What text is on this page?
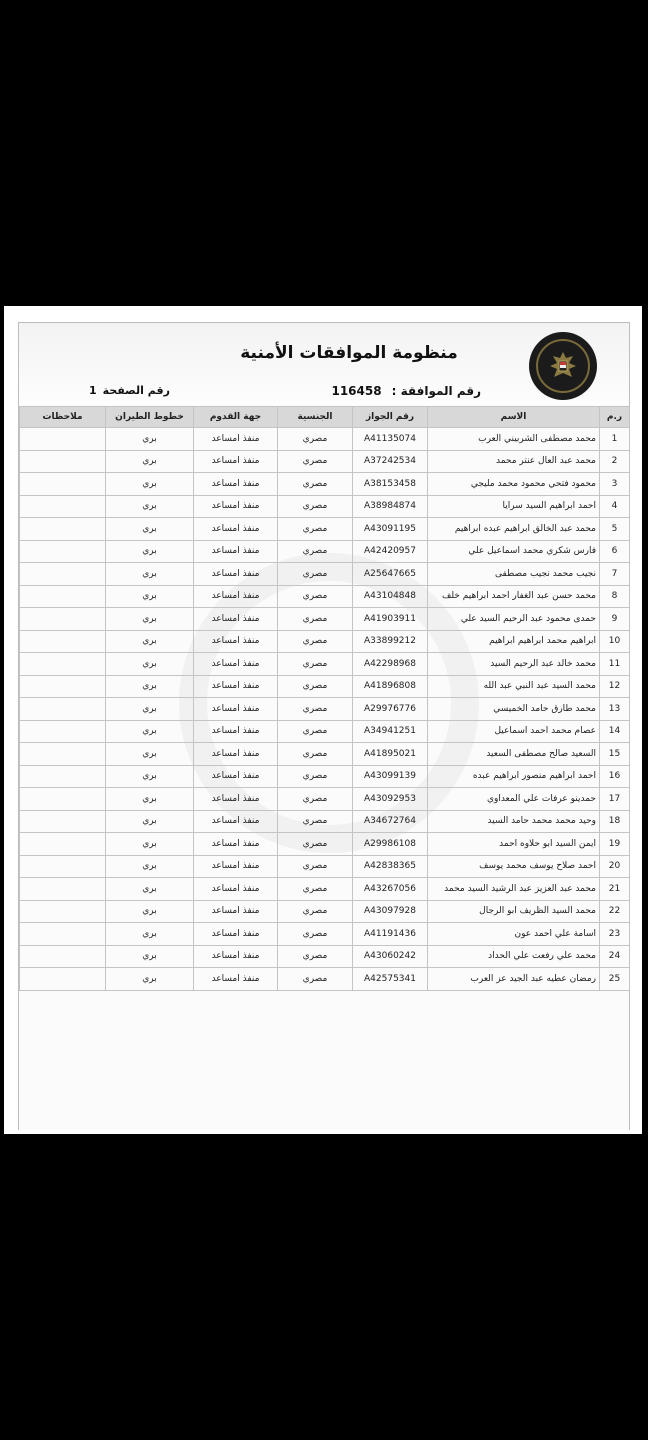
منظومة الموافقات الأمنية
رقم الموافقة :
116458
رقم الصفحة
1
ر.م	الاسم	رقم الجواز	الجنسية	جهة القدوم	خطوط الطيران	ملاحظات
1	محمد مصطفى الشربيني العرب	A41135074	مصري	منفذ امساعد	بري	
2	محمد عبد العال عنتر محمد	A37242534	مصري	منفذ امساعد	بري	
3	محمود فتحي محمود محمد مليجي	A38153458	مصري	منفذ امساعد	بري	
4	احمد ابراهيم السيد سرايا	A38984874	مصري	منفذ امساعد	بري	
5	محمد عبد الخالق ابراهيم عبده ابراهيم	A43091195	مصري	منفذ امساعد	بري	
6	فارس شكري محمد اسماعيل علي	A42420957	مصري	منفذ امساعد	بري	
7	نجيب محمد نجيب مصطفى	A25647665	مصري	منفذ امساعد	بري	
8	محمد حسن عبد الغفار احمد ابراهيم خلف	A43104848	مصري	منفذ امساعد	بري	
9	حمدى محمود عبد الرحيم السيد علي	A41903911	مصري	منفذ امساعد	بري	
10	ابراهيم محمد ابراهيم ابراهيم	A33899212	مصري	منفذ امساعد	بري	
11	محمد خالد عبد الرحيم السيد	A42298968	مصري	منفذ امساعد	بري	
12	محمد السيد عبد النبي عبد الله	A41896808	مصري	منفذ امساعد	بري	
13	محمد طارق حامد الخميسي	A29976776	مصري	منفذ امساعد	بري	
14	عصام محمد احمد اسماعيل	A34941251	مصري	منفذ امساعد	بري	
15	السعيد صالح مصطفى السعيد	A41895021	مصري	منفذ امساعد	بري	
16	احمد ابراهيم منصور ابراهيم عبده	A43099139	مصري	منفذ امساعد	بري	
17	حمدينو عرفات علي المعداوي	A43092953	مصري	منفذ امساعد	بري	
18	وحيد محمد محمد حامد السيد	A34672764	مصري	منفذ امساعد	بري	
19	ايمن السيد ابو حلاوه احمد	A29986108	مصري	منفذ امساعد	بري	
20	احمد صلاح يوسف محمد يوسف	A42838365	مصري	منفذ امساعد	بري	
21	محمد عبد العزيز عبد الرشيد السيد محمد	A43267056	مصري	منفذ امساعد	بري	
22	محمد السيد الظريف ابو الرجال	A43097928	مصري	منفذ امساعد	بري	
23	اسامة علي احمد عون	A41191436	مصري	منفذ امساعد	بري	
24	محمد علي رفعت علي الحداد	A43060242	مصري	منفذ امساعد	بري	
25	رمضان عطيه عبد الجيد عز العرب	A42575341	مصري	منفذ امساعد	بري	
